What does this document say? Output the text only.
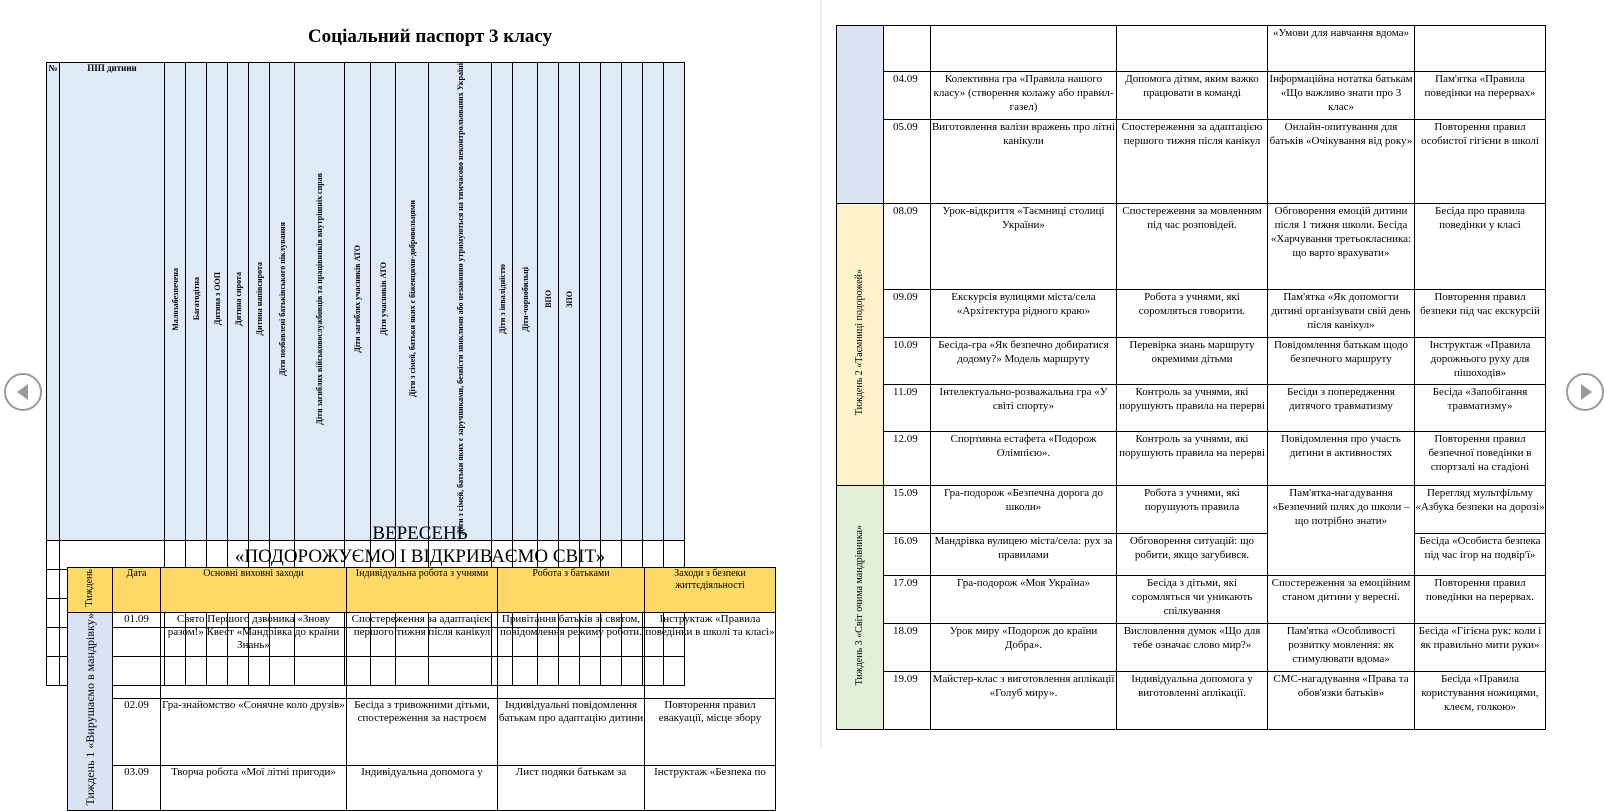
Соціальний паспорт 3 класу
№	ПІП дитини	Малозабезпечена	Багатодітна	Дитина з ООП	Дитина сирота	Дитина напівсирота	Діти позбавлені батьківського піклування	Діти загиблих військовослужбовців та працівників внутрішніх справ	Діти загиблих учасників АТО	Діти учасників АТО	Діти з сімей, батьки яких є біженцями-добровольцями	Діти з сімей, батьки яких є заручниками, безвісти зниклими або незаконно утримуються на тимчасово неконтрольованих Україні	Діти з інвалідністю	Діти-чорнобильці	ВПО	ЗПО					

ВЕРЕСЕНЬ
«ПОДОРОЖУЄМО І ВІДКРИВАЄМО СВІТ»
Тиждень	Дата	Основні виховні заходи	Індивідуальна робота з учнями	Робота з батьками	Заходи з безпеки життєдіяльності
Тиждень 1 «Вирушаємо в мандрівку»	01.09	Свято Першого дзвоника «Знову разом!» Квест «Мандрівка до країни Знань»	Спостереження за адаптацією першого тижня після канікул	Привітання батьків зі святом, повідомлення режиму роботи.	Інструктаж «Правила поведінки в школі та класі»
	02.09	Гра-знайомство «Сонячне коло друзів»	Бесіда з тривожними дітьми, спостереження за настроєм	Індивідуальні повідомлення батькам про адаптацію дитини	Повторення правил евакуації, місце збору
	03.09	Творча робота «Мої літні пригоди»	Індивідуальна допомога у	Лист подяки батькам за	Інструктаж «Безпека по
				«Умови для навчання вдома»	
	04.09	Колективна гра «Правила нашого класу» (створення колажу або правил-газел)	Допомога дітям, яким важко працювати в команді	Інформаційна нотатка батькам «Що важливо знати про 3 клас»	Пам'ятка «Правила поведінки на перервах»
	05.09	Виготовлення валізи вражень про літні канікули	Спостереження за адаптацією першого тижня після канікул	Онлайн-опитування для батьків «Очікування від року»	Повторення правил особистої гігієни в школі
Тиждень 2 «Таємниці подорожей»	08.09	Урок-відкриття «Таємниці столиці України»	Спостереження за мовленням під час розповідей.	Обговорення емоцій дитини після 1 тижня школи. Бесіда «Харчування третьокласника: що варто врахувати»	Бесіда про правила поведінки у класі
	09.09	Екскурсія вулицями міста/села «Архітектура рідного краю»	Робота з учнями, які соромляться говорити.	Пам'ятка «Як допомогти дитині організувати свій день після канікул»	Повторення правил безпеки під час екскурсій
	10.09	Бесіда-гра «Як безпечно добиратися додому?» Модель маршруту	Перевірка знань маршруту окремими дітьми	Повідомлення батькам щодо безпечного маршруту	Інструктаж «Правила дорожнього руху для пішоходів»
	11.09	Інтелектуально-розважальна гра «У світі спорту»	Контроль за учнями, які порушують правила на перерві	Бесіди з попередження дитячого травматизму	Бесіда «Запобігання травматизму»
	12.09	Спортивна естафета «Подорож Олімпією».	Контроль за учнями, які порушують правила на перерві	Повідомлення про участь дитини в активностях	Повторення правил безпечної поведінки в спортзалі на стадіоні
Тиждень 3 «Світ очима мандрівника»	15.09	Гра-подорож «Безпечна дорога до школи»	Робота з учнями, які порушують правила	Пам'ятка-нагадування «Безпечний шлях до школи – що потрібно знати»	Перегляд мультфільму «Азбука безпеки на дорозі»
	16.09	Мандрівка вулицею міста/села: рух за правилами	Обговорення ситуацій: що робити, якщо загубився.		Бесіда «Особиста безпека під час ігор на подвір'ї»
	17.09	Гра-подорож «Моя Україна»	Бесіда з дітьми, які соромляться чи уникають спілкування	Спостереження за емоційним станом дитини у вересні.	Повторення правил поведінки на перервах.
	18.09	Урок миру «Подорож до країни Добра».	Висловлення думок «Що для тебе означає слово мир?»	Пам'ятка «Особливості розвитку мовлення: як стимулювати вдома»	Бесіда «Гігієна рук: коли і як правильно мити руки»
	19.09	Майстер-клас з виготовлення аплікації «Голуб миру».	Індивідуальна допомога у виготовленні аплікації.	СМС-нагадування «Права та обов'язки батьків»	Бесіда «Правила користування ножицями, клеєм, голкою»
